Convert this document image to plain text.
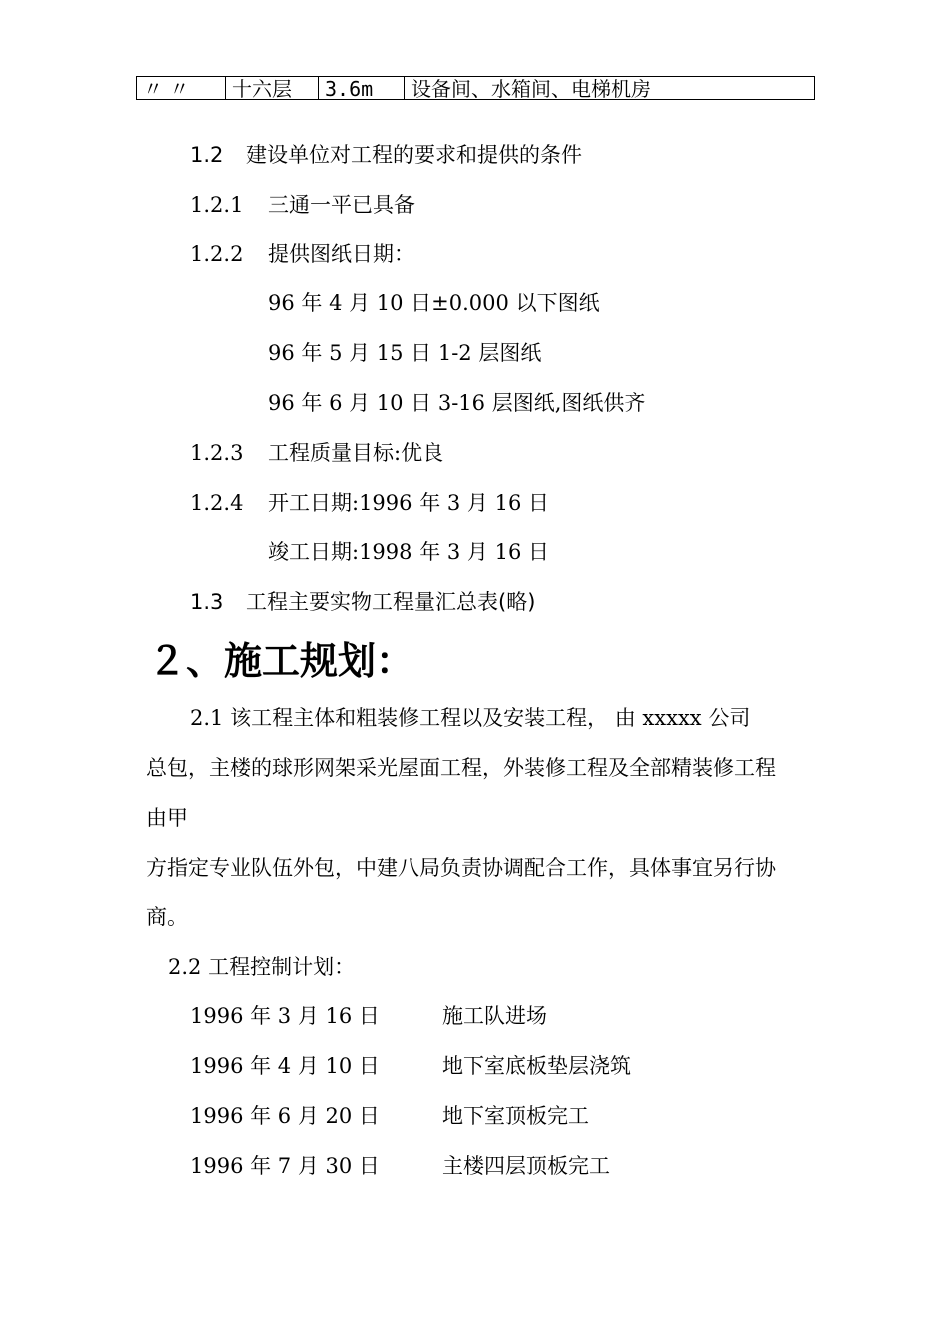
〃 〃	十六层	3.6m	设备间、水箱间、电梯机房
1.2 建设单位对工程的要求和提供的条件
1.2.1 三通一平已具备
1.2.2 提供图纸日期：
96 年 4 月 10 日±0.000 以下图纸
96 年 5 月 15 日 1-2 层图纸
96 年 6 月 10 日 3-16 层图纸,图纸供齐
1.2.3 工程质量目标:优良
1.2.4 开工日期:1996 年 3 月 16 日
竣工日期:1998 年 3 月 16 日
1.3 工程主要实物工程量汇总表(略)
２、施工规划：
2.1 该工程主体和粗装修工程以及安装工程， 由 xxxxx 公司
总包，主楼的球形网架采光屋面工程，外装修工程及全部精装修工程
由甲
方指定专业队伍外包，中建八局负责协调配合工作，具体事宜另行协
商。
2.2 工程控制计划：
1996 年 3 月 16 日	施工队进场
1996 年 4 月 10 日	地下室底板垫层浇筑
1996 年 6 月 20 日	地下室顶板完工
1996 年 7 月 30 日	主楼四层顶板完工
